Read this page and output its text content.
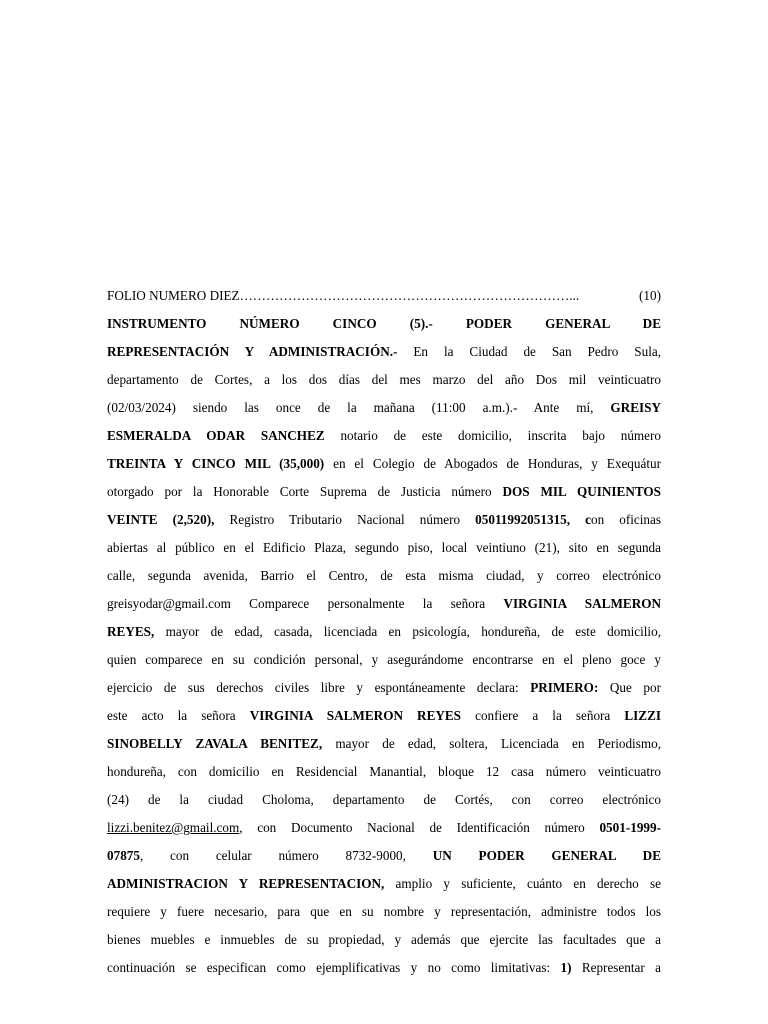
FOLIO NUMERO DIEZ…………………………………………………………………...	(10)
INSTRUMENTO NÚMERO CINCO (5).- PODER GENERAL DE
REPRESENTACIÓN Y ADMINISTRACIÓN.- En la Ciudad de San Pedro Sula,
departamento de Cortes, a los dos días del mes marzo del año Dos mil veinticuatro
(02/03/2024) siendo las once de la mañana (11:00 a.m.).- Ante mí, GREISY
ESMERALDA ODAR SANCHEZ notario de este domicilio, inscrita bajo número
TREINTA Y CINCO MIL (35,000) en el Colegio de Abogados de Honduras, y Exequátur
otorgado por la Honorable Corte Suprema de Justicia número DOS MIL QUINIENTOS
VEINTE (2,520), Registro Tributario Nacional número 05011992051315, con oficinas
abiertas al público en el Edificio Plaza, segundo piso, local veintiuno (21), sito en segunda
calle, segunda avenida, Barrio el Centro, de esta misma ciudad, y correo electrónico
greisyodar@gmail.com Comparece personalmente la señora VIRGINIA SALMERON
REYES, mayor de edad, casada, licenciada en psicología, hondureña, de este domicilio,
quien comparece en su condición personal, y asegurándome encontrarse en el pleno goce y
ejercicio de sus derechos civiles libre y espontáneamente declara: PRIMERO: Que por
este acto la señora VIRGINIA SALMERON REYES confiere a la señora LIZZI
SINOBELLY ZAVALA BENITEZ, mayor de edad, soltera, Licenciada en Periodismo,
hondureña, con domicilio en Residencial Manantial, bloque 12 casa número veinticuatro
(24) de la ciudad Choloma, departamento de Cortés, con correo electrónico
lizzi.benitez@gmail.com, con Documento Nacional de Identificación número 0501-1999-
07875, con celular número 8732-9000, UN PODER GENERAL DE
ADMINISTRACION Y REPRESENTACION, amplio y suficiente, cuánto en derecho se
requiere y fuere necesario, para que en su nombre y representación, administre todos los
bienes muebles e inmuebles de su propiedad, y además que ejercite las facultades que a
continuación se especifican como ejemplificativas y no como limitativas: 1) Representar a
